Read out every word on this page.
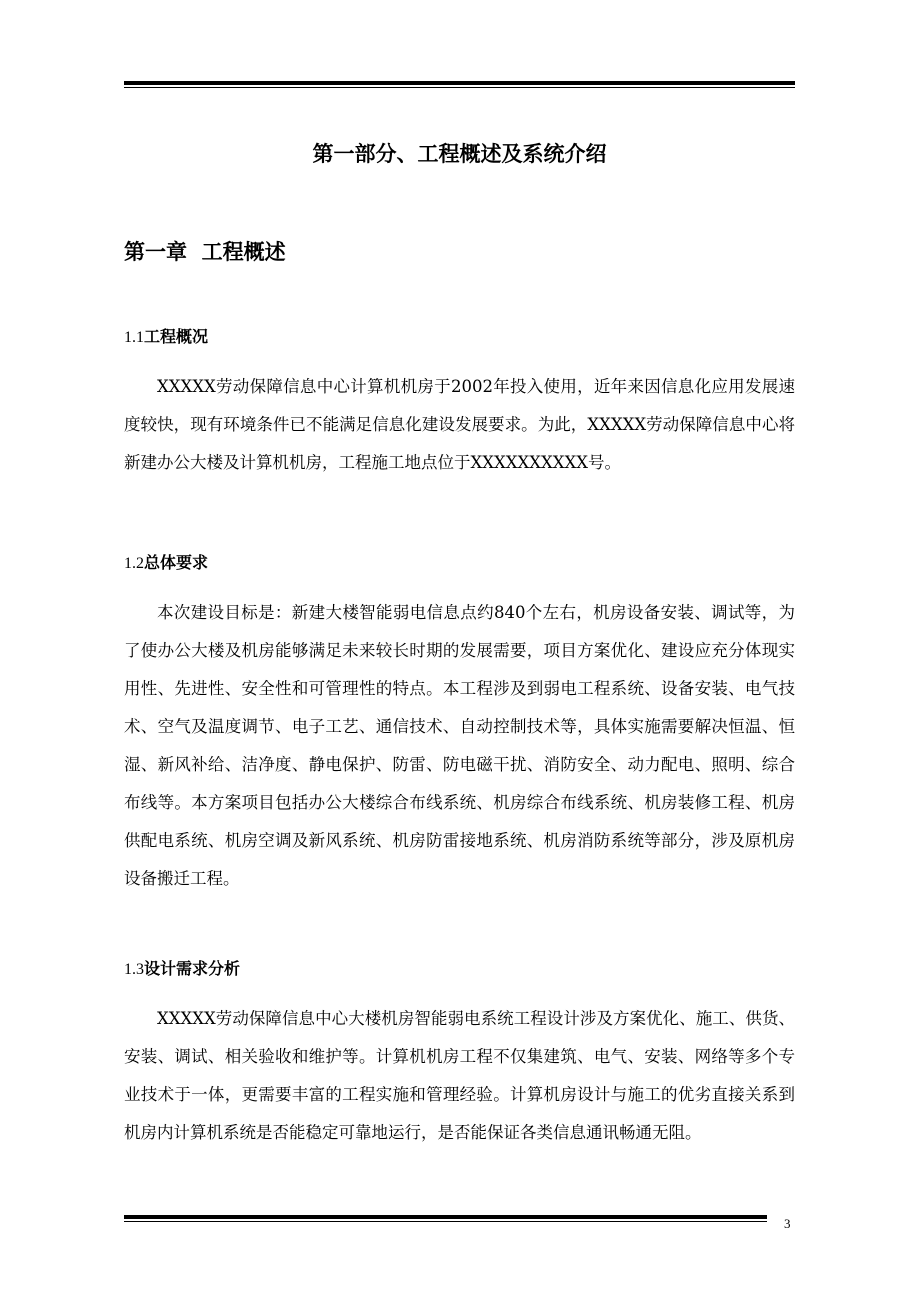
第一部分、工程概述及系统介绍
第一章  工程概述
1.1工程概况

XXXXX劳动保障信息中心计算机机房于2002年投入使用，近年来因信息化应用发展速度较快，现有环境条件已不能满足信息化建设发展要求。为此，XXXXX劳动保障信息中心将新建办公大楼及计算机机房，工程施工地点位于XXXXXXXXXX号。

1.2总体要求

本次建设目标是：新建大楼智能弱电信息点约840个左右，机房设备安装、调试等，为了使办公大楼及机房能够满足未来较长时期的发展需要，项目方案优化、建设应充分体现实用性、先进性、安全性和可管理性的特点。本工程涉及到弱电工程系统、设备安装、电气技术、空气及温度调节、电子工艺、通信技术、自动控制技术等，具体实施需要解决恒温、恒湿、新风补给、洁净度、静电保护、防雷、防电磁干扰、消防安全、动力配电、照明、综合布线等。本方案项目包括办公大楼综合布线系统、机房综合布线系统、机房装修工程、机房供配电系统、机房空调及新风系统、机房防雷接地系统、机房消防系统等部分，涉及原机房设备搬迁工程。

1.3设计需求分析

XXXXX劳动保障信息中心大楼机房智能弱电系统工程设计涉及方案优化、施工、供货、安装、调试、相关验收和维护等。计算机机房工程不仅集建筑、电气、安装、网络等多个专业技术于一体，更需要丰富的工程实施和管理经验。计算机房设计与施工的优劣直接关系到机房内计算机系统是否能稳定可靠地运行，是否能保证各类信息通讯畅通无阻。

3
